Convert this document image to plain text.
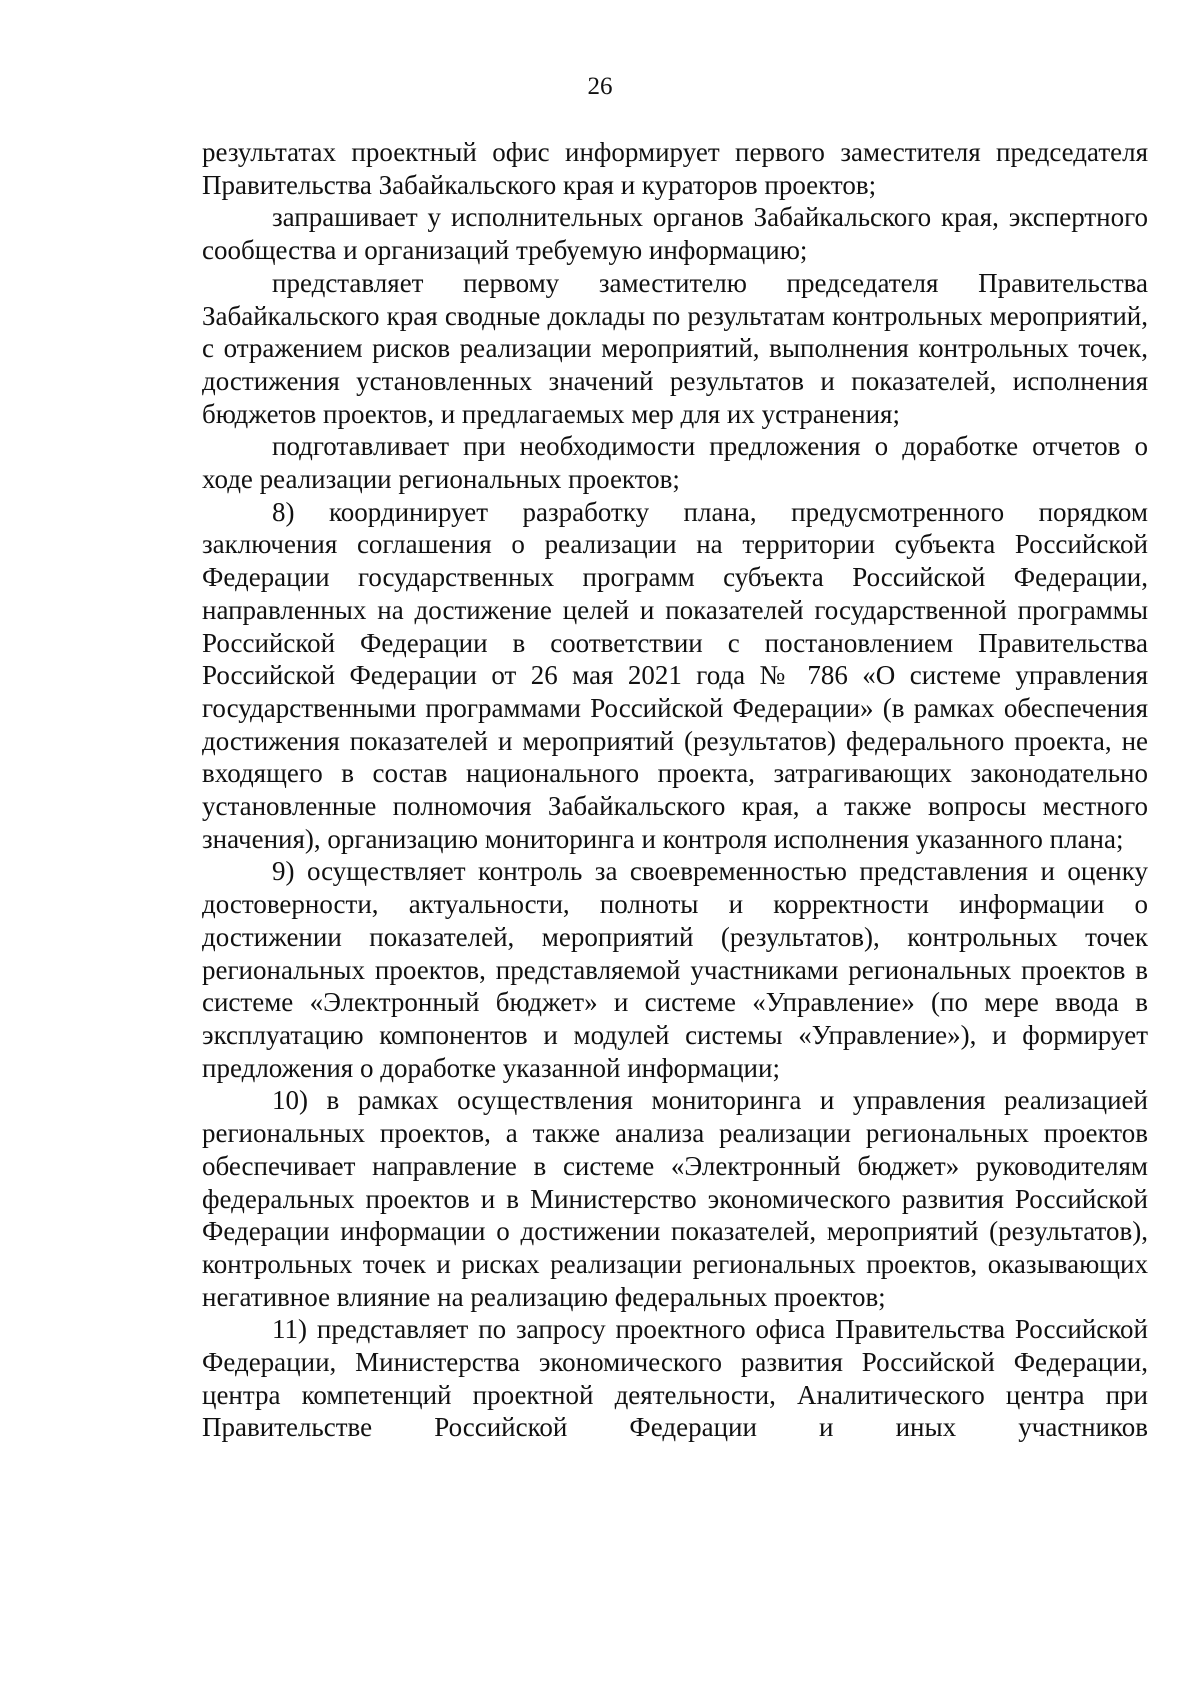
26

результатах проектный офис информирует первого заместителя председателя Правительства Забайкальского края и кураторов проектов;

запрашивает у исполнительных органов Забайкальского края, экспертного сообщества и организаций требуемую информацию;

представляет первому заместителю председателя Правительства Забайкальского края сводные доклады по результатам контрольных мероприятий, с отражением рисков реализации мероприятий, выполнения контрольных точек, достижения установленных значений результатов и показателей, исполнения бюджетов проектов, и предлагаемых мер для их устранения;

подготавливает при необходимости предложения о доработке отчетов о ходе реализации региональных проектов;

8) координирует разработку плана, предусмотренного порядком заключения соглашения о реализации на территории субъекта Российской Федерации государственных программ субъекта Российской Федерации, направленных на достижение целей и показателей государственной программы Российской Федерации в соответствии с постановлением Правительства Российской Федерации от 26 мая 2021 года № 786 «О системе управления государственными программами Российской Федерации» (в рамках обеспечения достижения показателей и мероприятий (результатов) федерального проекта, не входящего в состав национального проекта, затрагивающих законодательно установленные полномочия Забайкальского края, а также вопросы местного значения), организацию мониторинга и контроля исполнения указанного плана;

9) осуществляет контроль за своевременностью представления и оценку достоверности, актуальности, полноты и корректности информации о достижении показателей, мероприятий (результатов), контрольных точек региональных проектов, представляемой участниками региональных проектов в системе «Электронный бюджет» и системе «Управление» (по мере ввода в эксплуатацию компонентов и модулей системы «Управление»), и формирует предложения о доработке указанной информации;

10) в рамках осуществления мониторинга и управления реализацией региональных проектов, а также анализа реализации региональных проектов обеспечивает направление в системе «Электронный бюджет» руководителям федеральных проектов и в Министерство экономического развития Российской Федерации информации о достижении показателей, мероприятий (результатов), контрольных точек и рисках реализации региональных проектов, оказывающих негативное влияние на реализацию федеральных проектов;

11) представляет по запросу проектного офиса Правительства Российской Федерации, Министерства экономического развития Российской Федерации, центра компетенций проектной деятельности, Аналитического центра при Правительстве Российской Федерации и иных участников
